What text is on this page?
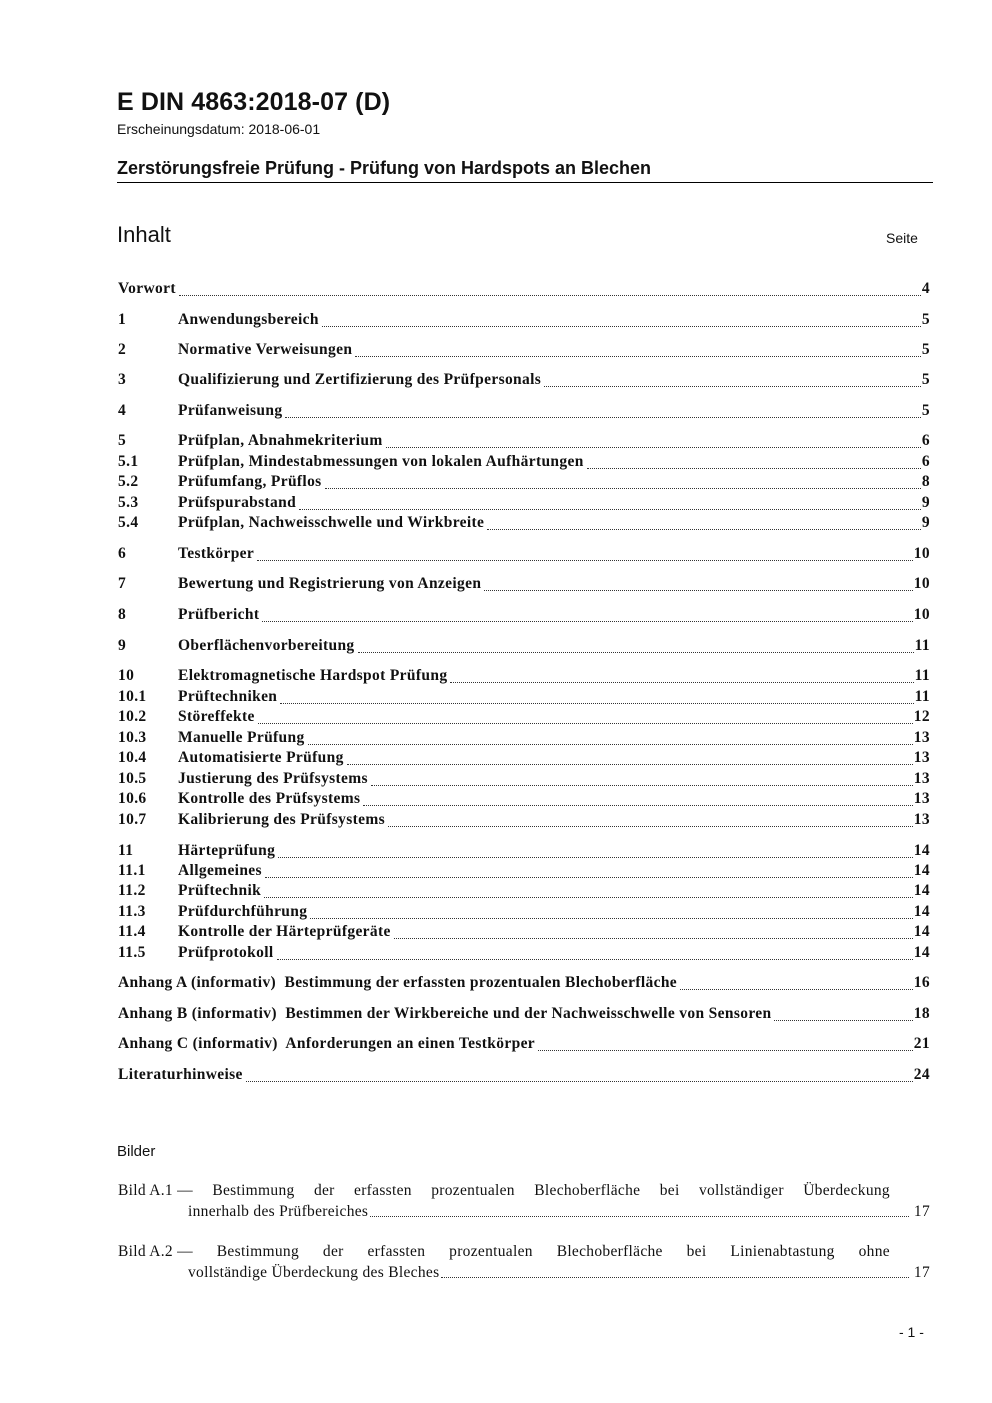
E DIN 4863:2018-07 (D)
Erscheinungsdatum: 2018-06-01
Zerstörungsfreie Prüfung - Prüfung von Hardspots an Blechen
Inhalt	Seite
Vorwort	4
1	Anwendungsbereich	5
2	Normative Verweisungen	5
3	Qualifizierung und Zertifizierung des Prüfpersonals	5
4	Prüfanweisung	5
5	Prüfplan, Abnahmekriterium	6
5.1	Prüfplan, Mindestabmessungen von lokalen Aufhärtungen	6
5.2	Prüfumfang, Prüflos	8
5.3	Prüfspurabstand	9
5.4	Prüfplan, Nachweisschwelle und Wirkbreite	9
6	Testkörper	10
7	Bewertung und Registrierung von Anzeigen	10
8	Prüfbericht	10
9	Oberflächenvorbereitung	11
10	Elektromagnetische Hardspot Prüfung	11
10.1	Prüftechniken	11
10.2	Störeffekte	12
10.3	Manuelle Prüfung	13
10.4	Automatisierte Prüfung	13
10.5	Justierung des Prüfsystems	13
10.6	Kontrolle des Prüfsystems	13
10.7	Kalibrierung des Prüfsystems	13
11	Härteprüfung	14
11.1	Allgemeines	14
11.2	Prüftechnik	14
11.3	Prüfdurchführung	14
11.4	Kontrolle der Härteprüfgeräte	14
11.5	Prüfprotokoll	14
Anhang A (informativ)  Bestimmung der erfassten prozentualen Blechoberfläche	16
Anhang B (informativ)  Bestimmen der Wirkbereiche und der Nachweisschwelle von Sensoren	18
Anhang C (informativ)  Anforderungen an einen Testkörper	21
Literaturhinweise	24
Bilder
Bild A.1 — Bestimmung der erfassten prozentualen Blechoberfläche bei vollständiger Überdeckung
innerhalb des Prüfbereiches	17
Bild A.2 — Bestimmung der erfassten prozentualen Blechoberfläche bei Linienabtastung ohne
vollständige Überdeckung des Bleches	17
- 1 -
